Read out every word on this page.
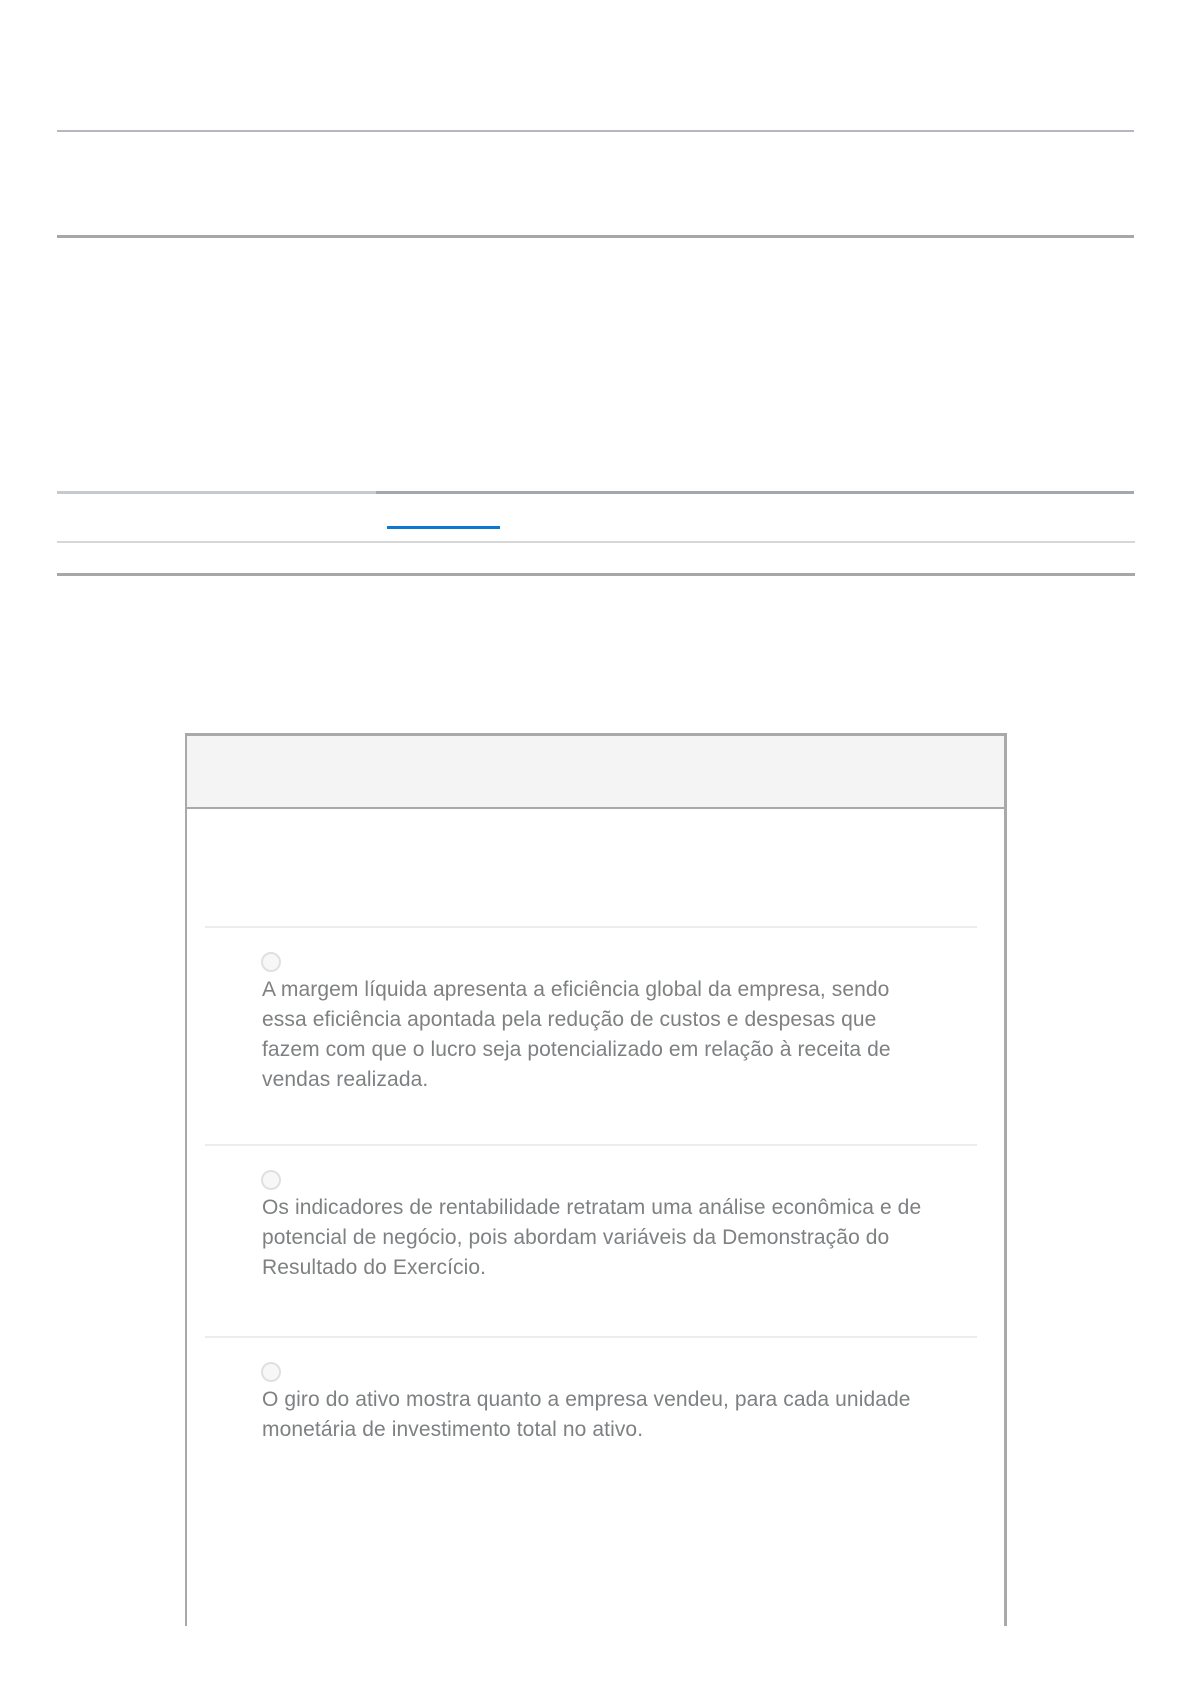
A margem líquida apresenta a eficiência global da empresa, sendo essa eficiência apontada pela redução de custos e despesas que fazem com que o lucro seja potencializado em relação à receita de vendas realizada.
Os indicadores de rentabilidade retratam uma análise econômica e de potencial de negócio, pois abordam variáveis da Demonstração do Resultado do Exercício.
O giro do ativo mostra quanto a empresa vendeu, para cada unidade monetária de investimento total no ativo.
